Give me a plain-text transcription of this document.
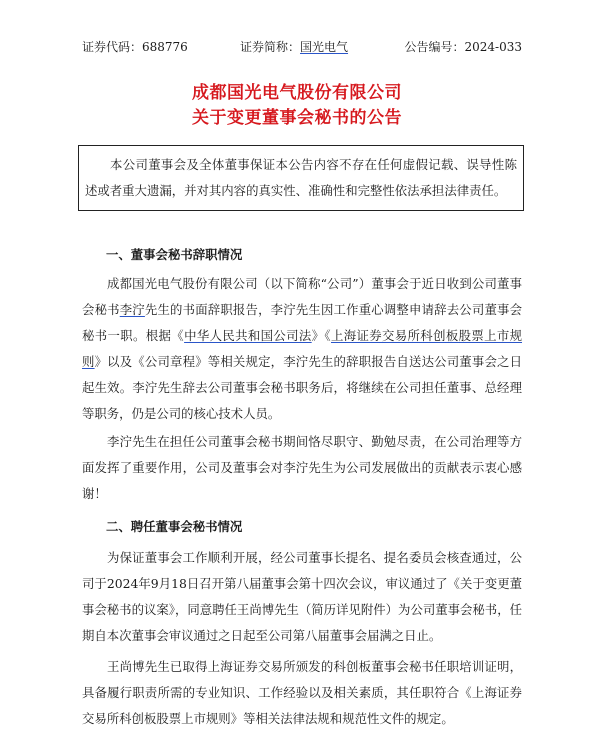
证券代码：688776	证券简称：国光电气	公告编号：2024-033
成都国光电气股份有限公司
关于变更董事会秘书的公告
本公司董事会及全体董事保证本公告内容不存在任何虚假记载、误导性陈述或者重大遗漏，并对其内容的真实性、准确性和完整性依法承担法律责任。
一、董事会秘书辞职情况
成都国光电气股份有限公司（以下简称“公司”）董事会于近日收到公司董事会秘书李泞先生的书面辞职报告，李泞先生因工作重心调整申请辞去公司董事会秘书一职。根据《中华人民共和国公司法》《上海证券交易所科创板股票上市规则》以及《公司章程》等相关规定，李泞先生的辞职报告自送达公司董事会之日起生效。李泞先生辞去公司董事会秘书职务后，将继续在公司担任董事、总经理等职务，仍是公司的核心技术人员。
李泞先生在担任公司董事会秘书期间恪尽职守、勤勉尽责，在公司治理等方面发挥了重要作用，公司及董事会对李泞先生为公司发展做出的贡献表示衷心感谢！
二、聘任董事会秘书情况
为保证董事会工作顺利开展，经公司董事长提名、提名委员会核查通过，公司于2024年9月18日召开第八届董事会第十四次会议，审议通过了《关于变更董事会秘书的议案》，同意聘任王尚博先生（简历详见附件）为公司董事会秘书，任期自本次董事会审议通过之日起至公司第八届董事会届满之日止。
王尚博先生已取得上海证券交易所颁发的科创板董事会秘书任职培训证明，具备履行职责所需的专业知识、工作经验以及相关素质，其任职符合《上海证券交易所科创板股票上市规则》等相关法律法规和规范性文件的规定。
